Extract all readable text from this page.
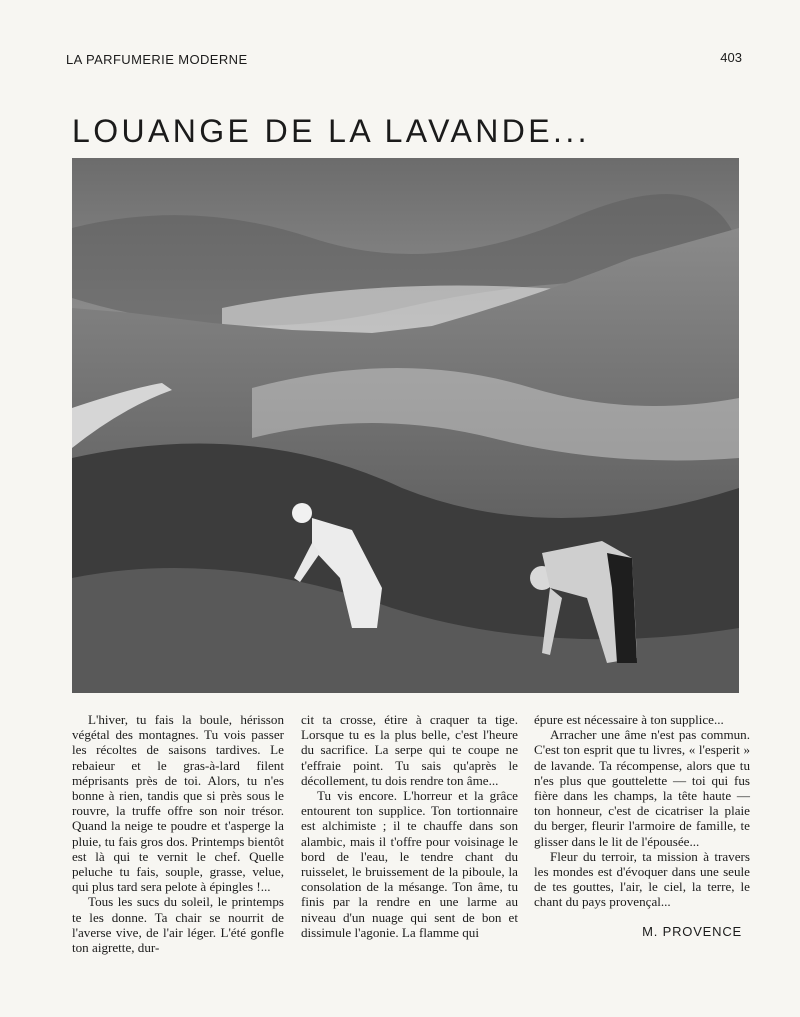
LA PARFUMERIE MODERNE	403
LOUANGE DE LA LAVANDE...

L'hiver, tu fais la boule, hérisson végétal des montagnes. Tu vois passer les récoltes de saisons tardives. Le rebaieur et le gras-à-lard filent méprisants près de toi. Alors, tu n'es bonne à rien, tandis que si près sous le rouvre, la truffe offre son noir trésor. Quand la neige te poudre et t'asperge la pluie, tu fais gros dos. Printemps bientôt est là qui te vernit le chef. Quelle peluche tu fais, souple, grasse, velue, qui plus tard sera pelote à épingles !...

Tous les sucs du soleil, le printemps te les donne. Ta chair se nourrit de l'averse vive, de l'air léger. L'été gonfle ton aigrette, dur-

cit ta crosse, étire à craquer ta tige. Lorsque tu es la plus belle, c'est l'heure du sacrifice. La serpe qui te coupe ne t'effraie point. Tu sais qu'après le décollement, tu dois rendre ton âme...

Tu vis encore. L'horreur et la grâce entourent ton supplice. Ton tortionnaire est alchimiste ; il te chauffe dans son alambic, mais il t'offre pour voisinage le bord de l'eau, le tendre chant du ruisselet, le bruissement de la piboule, la consolation de la mésange. Ton âme, tu finis par la rendre en une larme au niveau d'un nuage qui sent de bon et dissimule l'agonie. La flamme qui

épure est nécessaire à ton supplice...

Arracher une âme n'est pas commun. C'est ton esprit que tu livres, « l'esperit » de lavande. Ta récompense, alors que tu n'es plus que gouttelette — toi qui fus fière dans les champs, la tête haute — ton honneur, c'est de cicatriser la plaie du berger, fleurir l'armoire de famille, te glisser dans le lit de l'épousée...

Fleur du terroir, ta mission à travers les mondes est d'évoquer dans une seule de tes gouttes, l'air, le ciel, la terre, le chant du pays provençal...

M. PROVENCE
